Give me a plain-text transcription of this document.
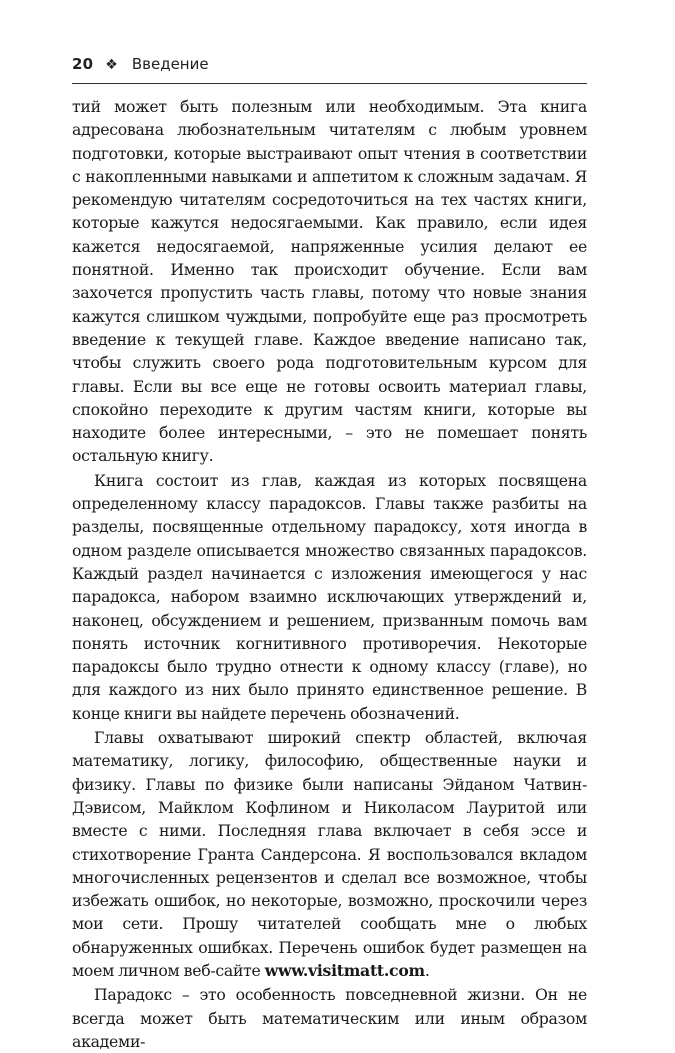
20 ❖ Введение

тий может быть полезным или необходимым. Эта книга адресована любознательным читателям с любым уровнем подготовки, которые выстраивают опыт чтения в соответствии с накопленными навыками и аппетитом к сложным задачам. Я рекомендую читателям сосредоточиться на тех частях книги, которые кажутся недосягаемыми. Как правило, если идея кажется недосягаемой, напряженные усилия делают ее понятной. Именно так происходит обучение. Если вам захочется пропустить часть главы, потому что новые знания кажутся слишком чуждыми, попробуйте еще раз просмотреть введение к текущей главе. Каждое введение написано так, чтобы служить своего рода подготовительным курсом для главы. Если вы все еще не готовы освоить материал главы, спокойно переходите к другим частям книги, которые вы находите более интересными, – это не помешает понять остальную книгу.

Книга состоит из глав, каждая из которых посвящена определенному классу парадоксов. Главы также разбиты на разделы, посвященные отдельному парадоксу, хотя иногда в одном разделе описывается множество связанных парадоксов. Каждый раздел начинается с изложения имеющегося у нас парадокса, набором взаимно исключающих утверждений и, наконец, обсуждением и решением, призванным помочь вам понять источник когнитивного противоречия. Некоторые парадоксы было трудно отнести к одному классу (главе), но для каждого из них было принято единственное решение. В конце книги вы найдете перечень обозначений.

Главы охватывают широкий спектр областей, включая математику, логику, философию, общественные науки и физику. Главы по физике были написаны Эйданом Чатвин-Дэвисом, Майклом Кофлином и Николасом Лауритой или вместе с ними. Последняя глава включает в себя эссе и стихотворение Гранта Сандерсона. Я воспользовался вкладом многочисленных рецензентов и сделал все возможное, чтобы избежать ошибок, но некоторые, возможно, проскочили через мои сети. Прошу читателей сообщать мне о любых обнаруженных ошибках. Перечень ошибок будет размещен на моем личном веб-сайте www.visitmatt.com.

Парадокс – это особенность повседневной жизни. Он не всегда может быть математическим или иным образом академи-
